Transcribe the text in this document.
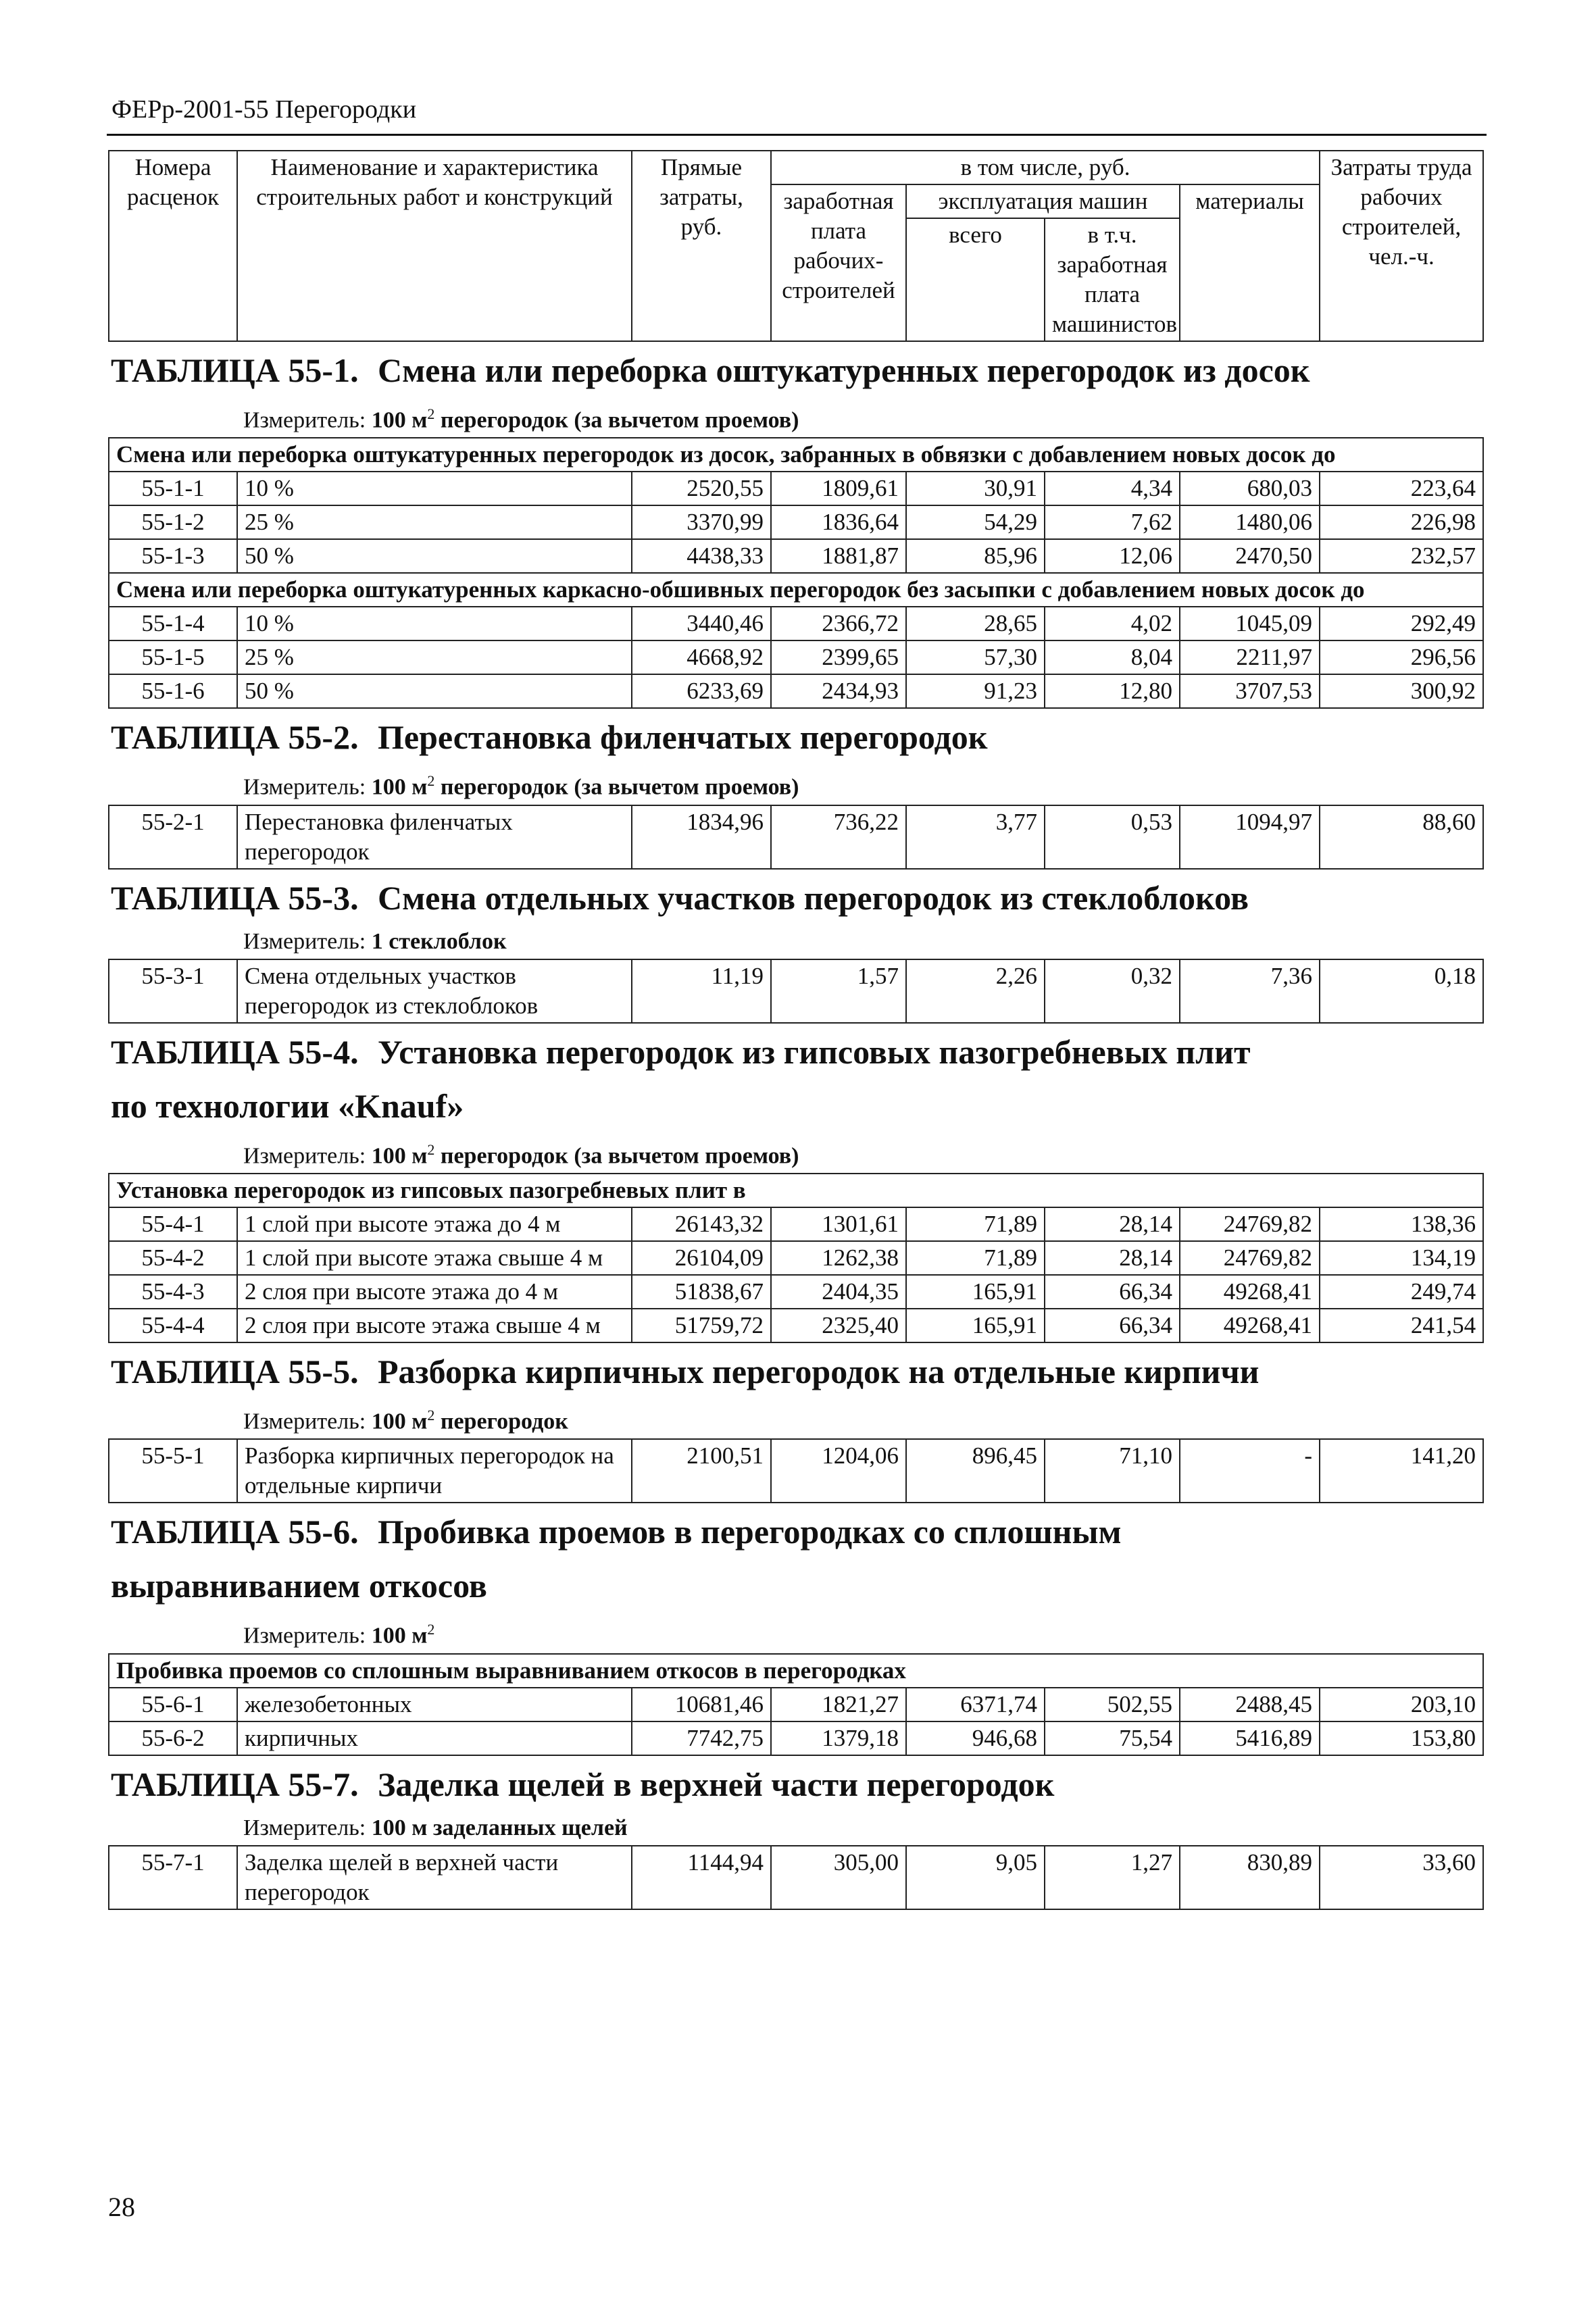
ФЕРр-2001-55 Перегородки
Номера расценок	Наименование и характеристика строительных работ и конструкций	Прямые затраты, руб.	в том числе, руб.				Затраты труда рабочих строителей, чел.-ч.
			заработная плата рабочих-строителей	эксплуатация машин		материалы	
				всего	в т.ч. заработная плата машинистов		

ТАБЛИЦА 55-1. Смена или переборка оштукатуренных перегородок из досок
Измеритель: 100 $м^2$ перегородок (за вычетом проемов)
Смена или переборка оштукатуренных перегородок из досок, забранных в обвязки с добавлением новых досок до							
55-1-1	10 %	2520,55	1809,61	30,91	4,34	680,03	223,64
55-1-2	25 %	3370,99	1836,64	54,29	7,62	1480,06	226,98
55-1-3	50 %	4438,33	1881,87	85,96	12,06	2470,50	232,57
Смена или переборка оштукатуренных каркасно-обшивных перегородок без засыпки с добавлением новых досок до							
55-1-4	10 %	3440,46	2366,72	28,65	4,02	1045,09	292,49
55-1-5	25 %	4668,92	2399,65	57,30	8,04	2211,97	296,56
55-1-6	50 %	6233,69	2434,93	91,23	12,80	3707,53	300,92
ТАБЛИЦА 55-2. Перестановка филенчатых перегородок
Измеритель: 100 $м^2$ перегородок (за вычетом проемов)
55-2-1	Перестановка филенчатых перегородок	1834,96	736,22	3,77	0,53	1094,97	88,60
ТАБЛИЦА 55-3. Смена отдельных участков перегородок из стеклоблоков
Измеритель: 1 стеклоблок
55-3-1	Смена отдельных участков перегородок из стеклоблоков	11,19	1,57	2,26	0,32	7,36	0,18
ТАБЛИЦА 55-4. Установка перегородок из гипсовых пазогребневых плит
по технологии «Knauf»
Измеритель: 100 $м^2$ перегородок (за вычетом проемов)
Установка перегородок из гипсовых пазогребневых плит в							
55-4-1	1 слой при высоте этажа до 4 м	26143,32	1301,61	71,89	28,14	24769,82	138,36
55-4-2	1 слой при высоте этажа свыше 4 м	26104,09	1262,38	71,89	28,14	24769,82	134,19
55-4-3	2 слоя при высоте этажа до 4 м	51838,67	2404,35	165,91	66,34	49268,41	249,74
55-4-4	2 слоя при высоте этажа свыше 4 м	51759,72	2325,40	165,91	66,34	49268,41	241,54
ТАБЛИЦА 55-5. Разборка кирпичных перегородок на отдельные кирпичи
Измеритель: 100 $м^2$ перегородок
55-5-1	Разборка кирпичных перегородок на отдельные кирпичи	2100,51	1204,06	896,45	71,10	-	141,20
ТАБЛИЦА 55-6. Пробивка проемов в перегородках со сплошным
выравниванием откосов
Измеритель: 100 $м^2$
Пробивка проемов со сплошным выравниванием откосов в перегородках							
55-6-1	железобетонных	10681,46	1821,27	6371,74	502,55	2488,45	203,10
55-6-2	кирпичных	7742,75	1379,18	946,68	75,54	5416,89	153,80
ТАБЛИЦА 55-7. Заделка щелей в верхней части перегородок
Измеритель: 100 м заделанных щелей
55-7-1	Заделка щелей в верхней части перегородок	1144,94	305,00	9,05	1,27	830,89	33,60
28
